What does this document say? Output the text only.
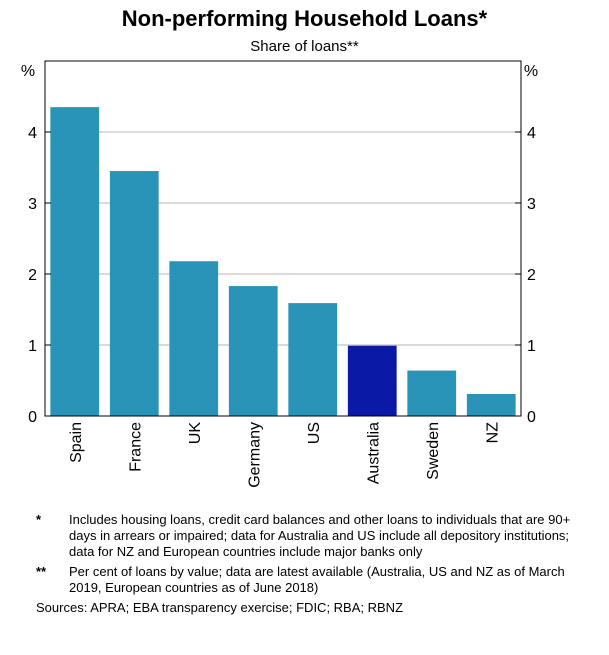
Non-performing Household Loans*
Share of loans**
0	0
1	1
2	2
3	3
4	4
%	%
Spain	France	UK	Germany	US	Australia	Sweden	NZ
*	Includes housing loans, credit card balances and other loans to individuals that are 90+ days in arrears or impaired; data for Australia and US include all depository institutions; data for NZ and European countries include major banks only
**	Per cent of loans by value; data are latest available (Australia, US and NZ as of March 2019, European countries as of June 2018)
Sources: APRA; EBA transparency exercise; FDIC; RBA; RBNZ
